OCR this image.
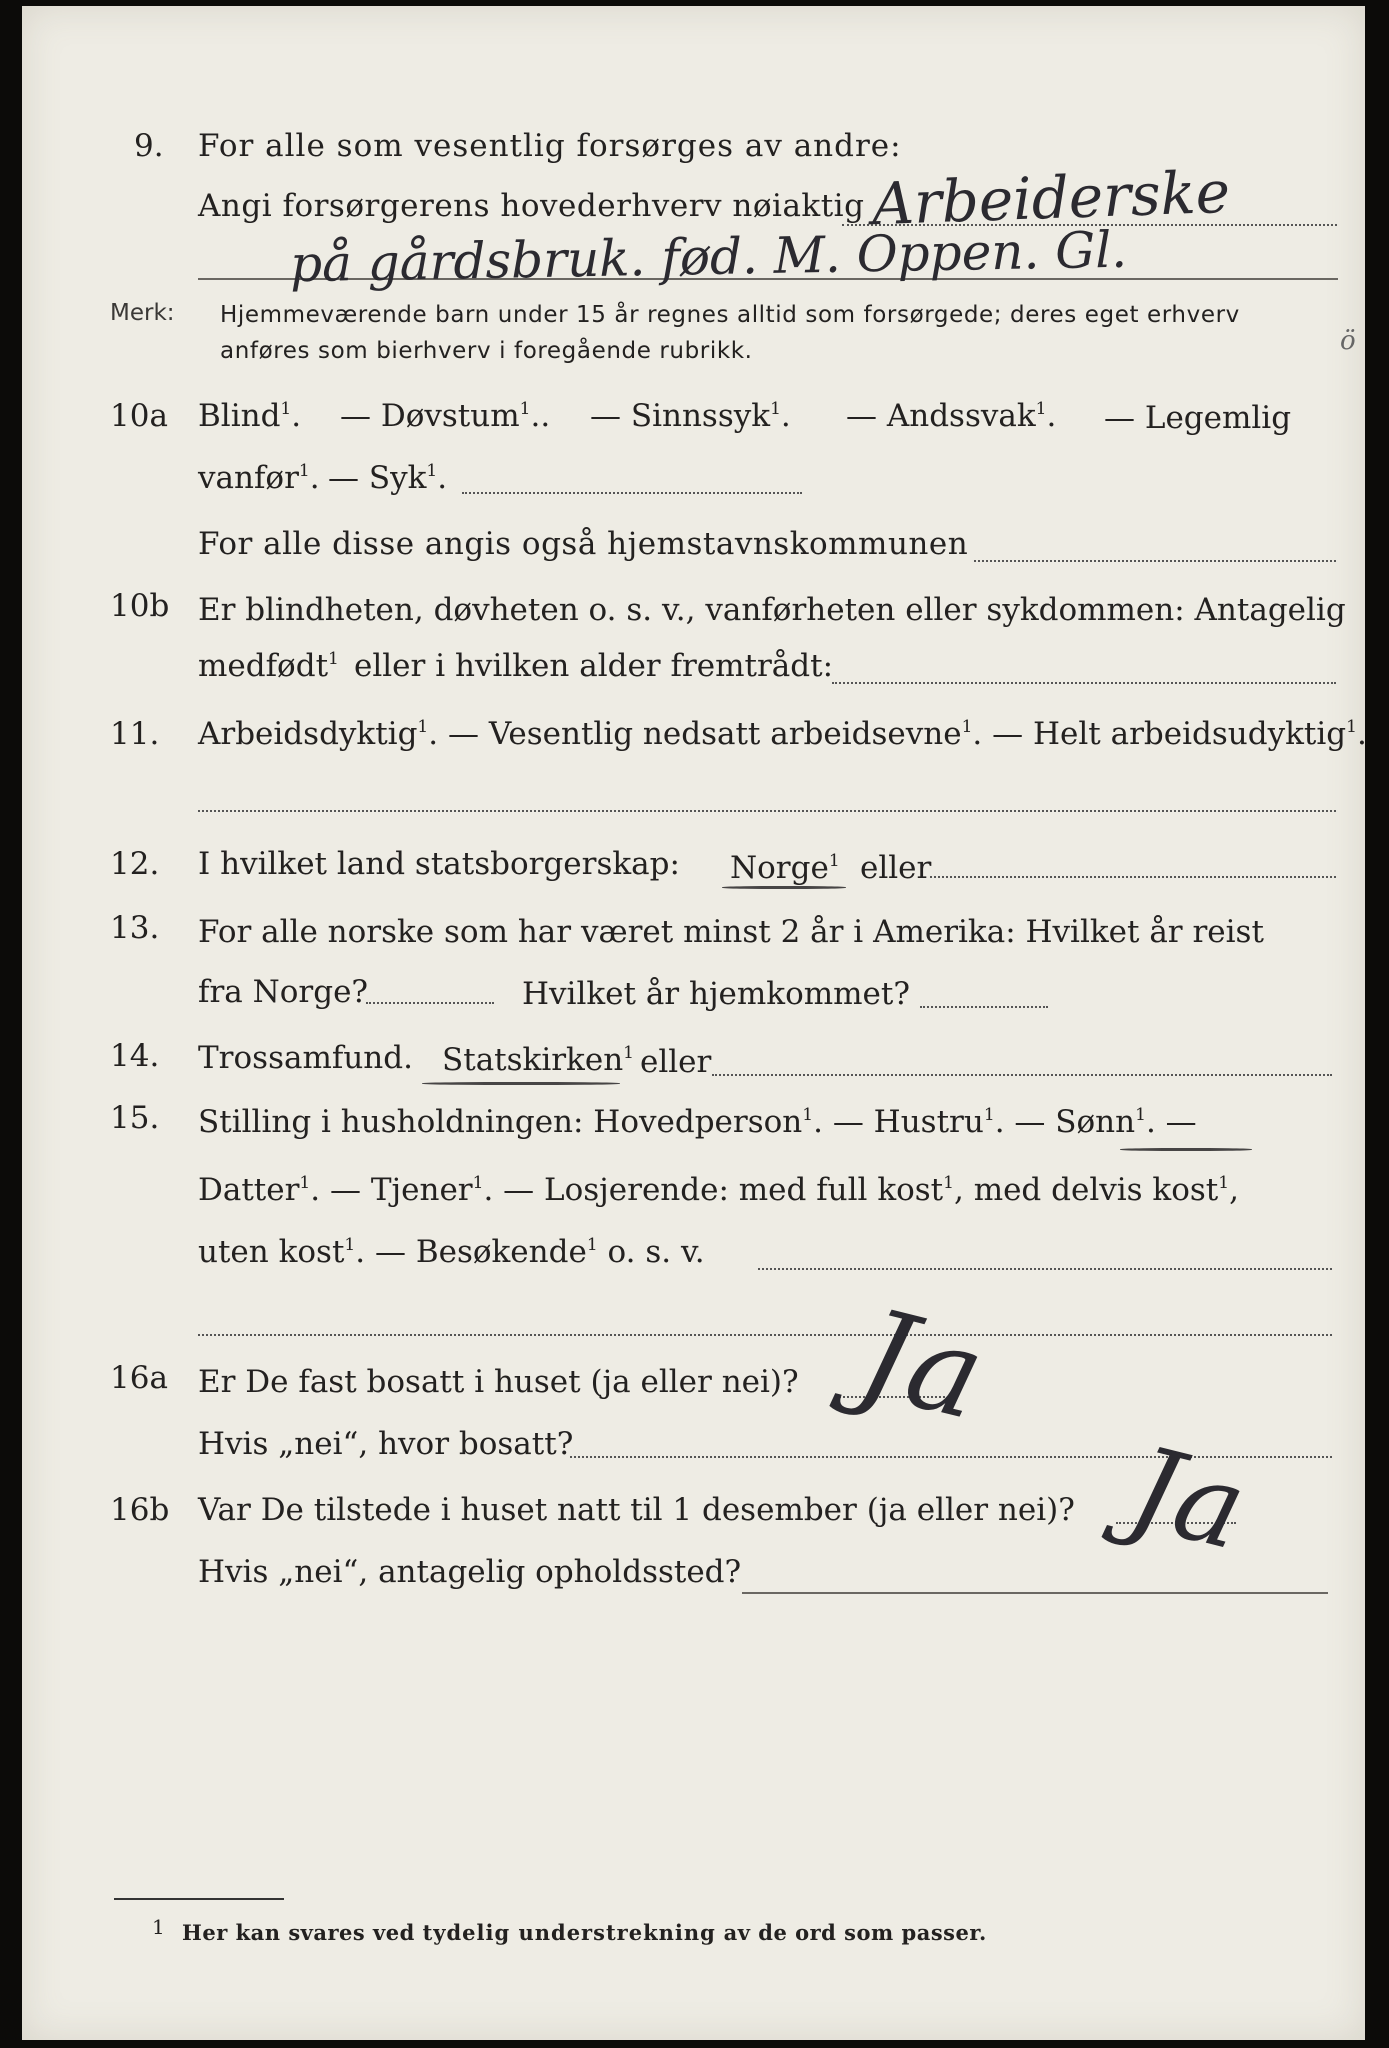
9. For alle som vesentlig forsørges av andre:
Angi forsørgerens hovederhverv nøiaktig Arbeiderske
på gårdsbruk. fød. M. Oppen. Gl.
Merk: Hjemmeværende barn under 15 år regnes alltid som forsørgede; deres eget erhverv
anføres som bierhverv i foregående rubrikk.	ö
10a Blind$^1$. — Døvstum$^1$.. — Sinnssyk$^1$. — Andssvak$^1$. — Legemlig
vanfør$^1$. — Syk$^1$.
For alle disse angis også hjemstavnskommunen
10b Er blindheten, døvheten o. s. v., vanførheten eller sykdommen: Antagelig
medfødt$^1$ eller i hvilken alder fremtrådt:
11. Arbeidsdyktig$^1$. — Vesentlig nedsatt arbeidsevne$^1$. — Helt arbeidsudyktig$^1$.
12. I hvilket land statsborgerskap: Norge$^1$ eller
13. For alle norske som har været minst 2 år i Amerika: Hvilket år reist
fra Norge?	Hvilket år hjemkommet?
14. Trossamfund. Statskirken$^1$ eller
15. Stilling i husholdningen: Hovedperson$^1$. — Hustru$^1$. — Sønn$^1$. —
Datter$^1$. — Tjener$^1$. — Losjerende: med full kost$^1$, med delvis kost$^1$,
uten kost$^1$. — Besøkende$^1$ o. s. v.
16a Er De fast bosatt i huset (ja eller nei)? Ja
Hvis „nei“, hvor bosatt?
16b Var De tilstede i huset natt til 1 desember (ja eller nei)? Ja
Hvis „nei“, antagelig opholdssted?
1 Her kan svares ved tydelig understrekning av de ord som passer.
